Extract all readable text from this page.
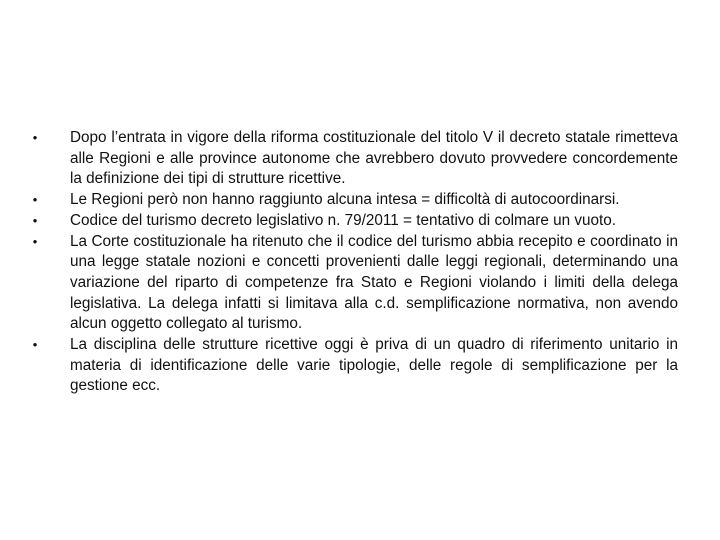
•	Dopo l’entrata in vigore della riforma costituzionale del titolo V il decreto statale rimetteva alle Regioni e alle province autonome che avrebbero dovuto provvedere concordemente la definizione dei tipi di strutture ricettive.
•	Le Regioni però non hanno raggiunto alcuna intesa = difficoltà di autocoordinarsi.
•	Codice del turismo decreto legislativo n. 79/2011 = tentativo di colmare un vuoto.
•	La Corte costituzionale ha ritenuto che il codice del turismo abbia recepito e coordinato in una legge statale nozioni e concetti provenienti dalle leggi regionali, determinando una variazione del riparto di competenze fra Stato e Regioni violando i limiti della delega legislativa. La delega infatti si limitava alla c.d. semplificazione normativa, non avendo alcun oggetto collegato al turismo.
•	La disciplina delle strutture ricettive oggi è priva di un quadro di riferimento unitario in materia di identificazione delle varie tipologie, delle regole di semplificazione per la gestione ecc.
